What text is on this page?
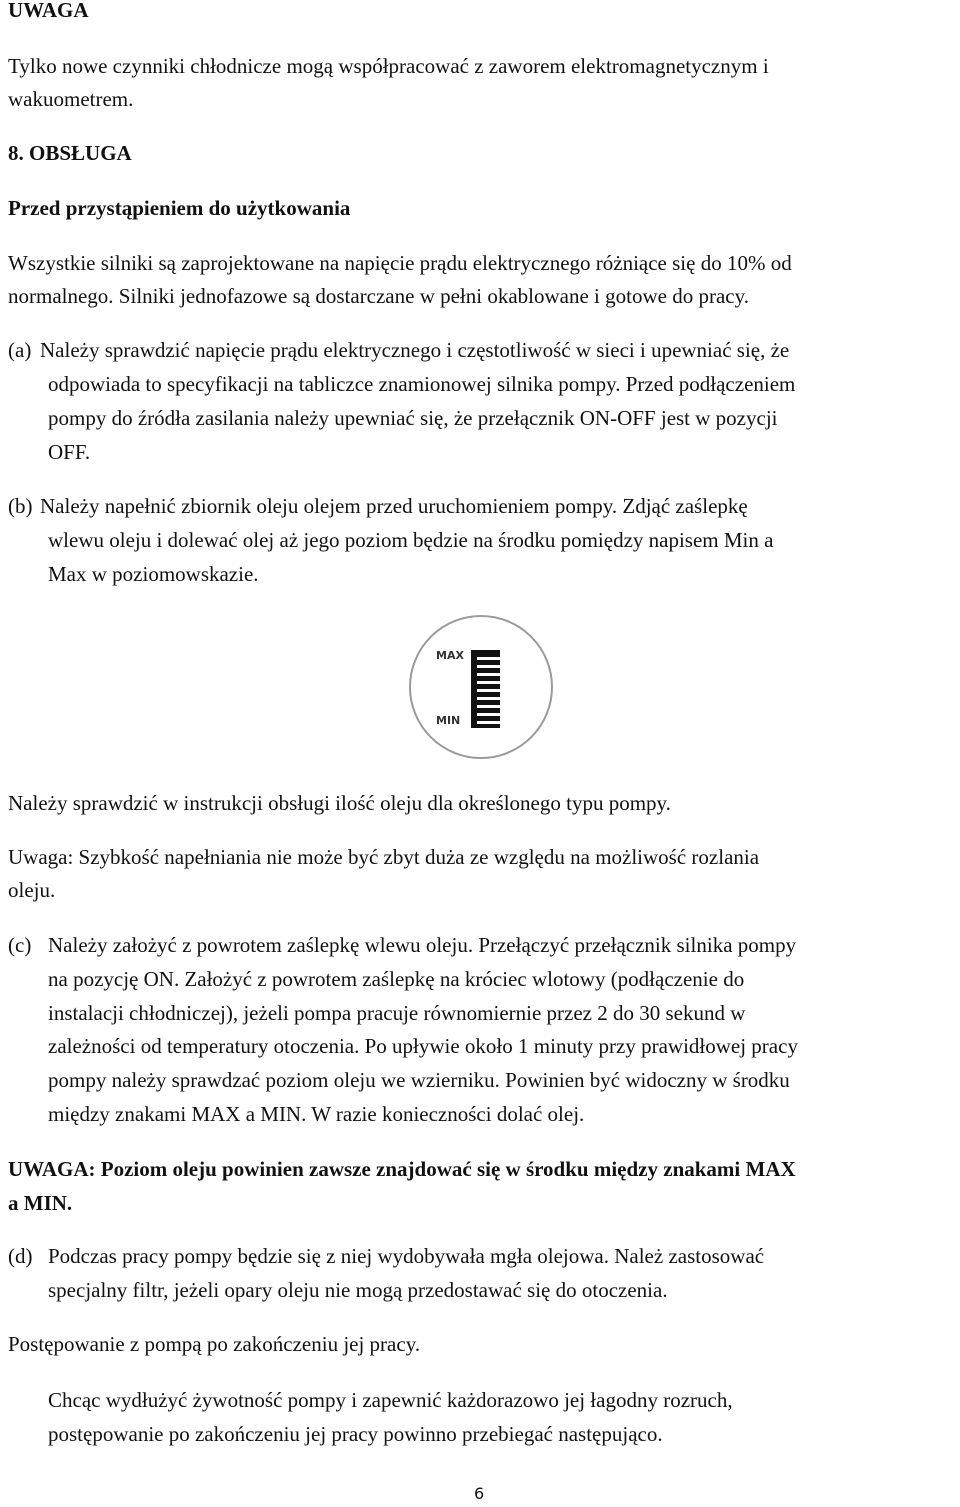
UWAGA
Tylko nowe czynniki chłodnicze mogą współpracować z zaworem elektromagnetycznym i
wakuometrem.
8. OBSŁUGA
Przed przystąpieniem do użytkowania
Wszystkie silniki są zaprojektowane na napięcie prądu elektrycznego różniące się do 10% od
normalnego. Silniki jednofazowe są dostarczane w pełni okablowane i gotowe do pracy.
(a) Należy sprawdzić napięcie prądu elektrycznego i częstotliwość w sieci i upewniać się, że
odpowiada to specyfikacji na tabliczce znamionowej silnika pompy. Przed podłączeniem
pompy do źródła zasilania należy upewniać się, że przełącznik ON-OFF jest w pozycji
OFF.
(b) Należy napełnić zbiornik oleju olejem przed uruchomieniem pompy. Zdjąć zaślepkę
wlewu oleju i dolewać olej aż jego poziom będzie na środku pomiędzy napisem Min a
Max w poziomowskazie.
MAX
MIN
Należy sprawdzić w instrukcji obsługi ilość oleju dla określonego typu pompy.
Uwaga: Szybkość napełniania nie może być zbyt duża ze względu na możliwość rozlania
oleju.
(c) Należy założyć z powrotem zaślepkę wlewu oleju. Przełączyć przełącznik silnika pompy
na pozycję ON. Założyć z powrotem zaślepkę na króciec wlotowy (podłączenie do
instalacji chłodniczej), jeżeli pompa pracuje równomiernie przez 2 do 30 sekund w
zależności od temperatury otoczenia. Po upływie około 1 minuty przy prawidłowej pracy
pompy należy sprawdzać poziom oleju we wzierniku. Powinien być widoczny w środku
między znakami MAX a MIN. W razie konieczności dolać olej.
UWAGA: Poziom oleju powinien zawsze znajdować się w środku między znakami MAX
a MIN.
(d) Podczas pracy pompy będzie się z niej wydobywała mgła olejowa. Należ zastosować
specjalny filtr, jeżeli opary oleju nie mogą przedostawać się do otoczenia.
Postępowanie z pompą po zakończeniu jej pracy.
Chcąc wydłużyć żywotność pompy i zapewnić każdorazowo jej łagodny rozruch,
postępowanie po zakończeniu jej pracy powinno przebiegać następująco.
6
